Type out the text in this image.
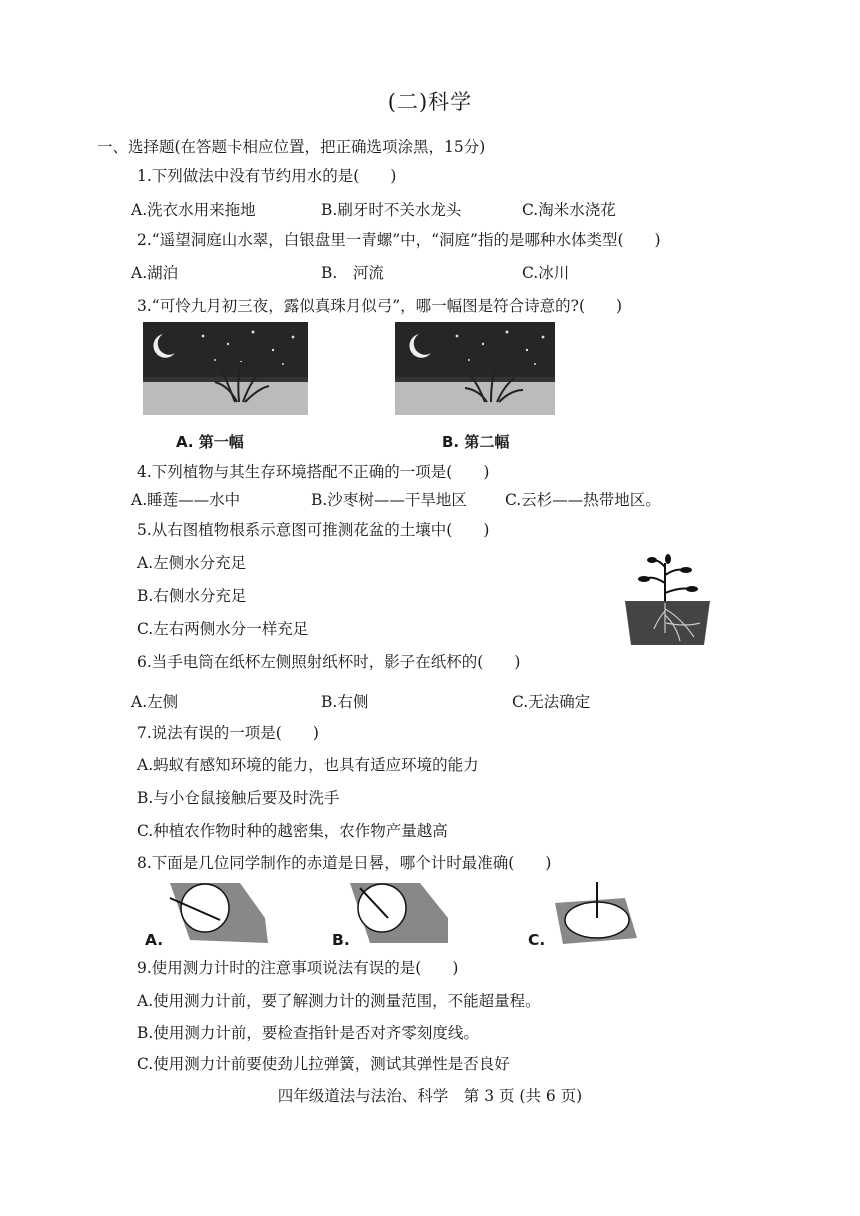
(二)科学
一、选择题(在答题卡相应位置，把正确选项涂黑，15分)
1.下列做法中没有节约用水的是(　　)
A.洗衣水用来拖地	B.刷牙时不关水龙头	C.淘米水浇花
2.“遥望洞庭山水翠，白银盘里一青螺”中，“洞庭”指的是哪种水体类型(　　)
A.湖泊	B.　河流	C.冰川
3.“可怜九月初三夜，露似真珠月似弓”，哪一幅图是符合诗意的?(　　)
A. 第一幅	B. 第二幅
4.下列植物与其生存环境搭配不正确的一项是(　　)
A.睡莲——水中	B.沙枣树——干旱地区 C.云杉——热带地区。
5.从右图植物根系示意图可推测花盆的土壤中(　　)
A.左侧水分充足
B.右侧水分充足
C.左右两侧水分一样充足
6.当手电筒在纸杯左侧照射纸杯时，影子在纸杯的(　　)
A.左侧	B.右侧	C.无法确定
7.说法有误的一项是(　　)
A.蚂蚁有感知环境的能力，也具有适应环境的能力
B.与小仓鼠接触后要及时洗手
C.种植农作物时种的越密集，农作物产量越高
8.下面是几位同学制作的赤道是日晷，哪个计时最准确(　　)
A.	B.	C.
9.使用测力计时的注意事项说法有误的是(　　)
A.使用测力计前，要了解测力计的测量范围，不能超量程。
B.使用测力计前，要检查指针是否对齐零刻度线。
C.使用测力计前要使劲儿拉弹簧，测试其弹性是否良好
四年级道法与法治、科学　第 3 页 (共 6 页)
